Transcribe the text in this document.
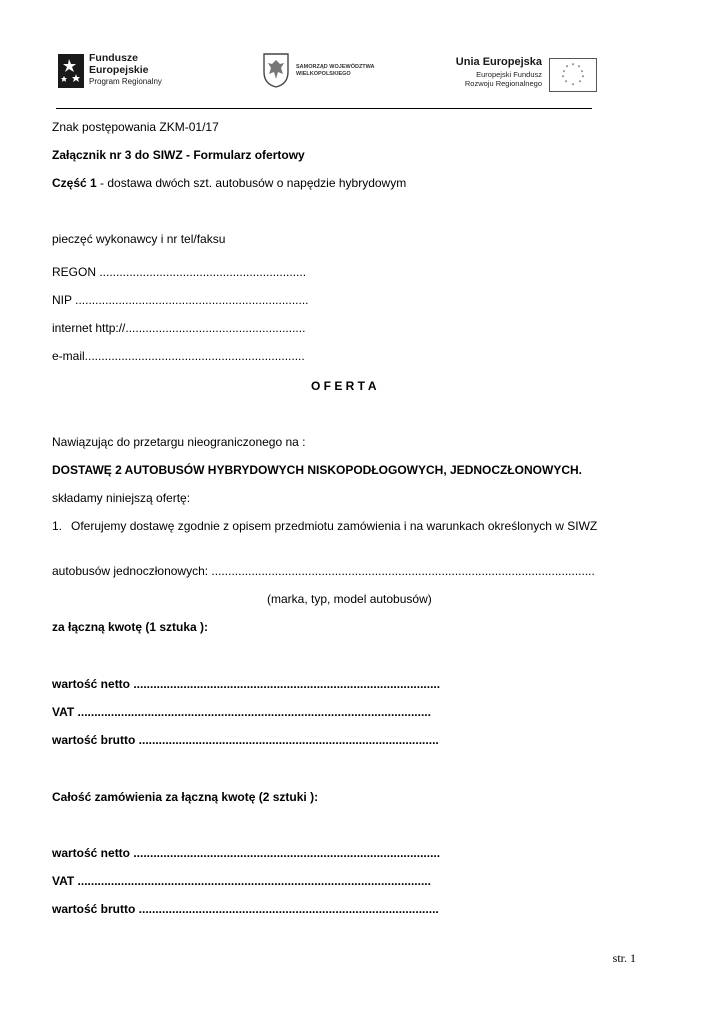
Fundusze
Europejskie
Program Regionalny
SAMORZĄD WOJEWÓDZTWA
WIELKOPOLSKIEGO
Unia Europejska
Europejski Fundusz
Rozwoju Regionalnego
* *
*
*
*
*
*
*
*
*
Znak postępowania ZKM-01/17
Załącznik nr 3 do SIWZ - Formularz ofertowy
Część 1 - dostawa dwóch szt. autobusów o napędzie hybrydowym
pieczęć wykonawcy i nr tel/faksu
REGON ..............................................................
NIP ......................................................................
internet http://......................................................
e-mail..................................................................
O F E R T A
Nawiązując do przetargu nieograniczonego na :
DOSTAWĘ 2 AUTOBUSÓW HYBRYDOWYCH NISKOPODŁOGOWYCH, JEDNOCZŁONOWYCH.
składamy niniejszą ofertę:
1. Oferujemy dostawę zgodnie z opisem przedmiotu zamówienia i na warunkach określonych w SIWZ
autobusów jednoczłonowych: ...................................................................................................................
(marka, typ, model autobusów)
za łączną kwotę (1 sztuka ):
wartość netto ............................................................................................
VAT ..........................................................................................................
wartość brutto ..........................................................................................
Całość zamówienia za łączną kwotę (2 sztuki ):
wartość netto ............................................................................................
VAT ..........................................................................................................
wartość brutto ..........................................................................................
str. 1
